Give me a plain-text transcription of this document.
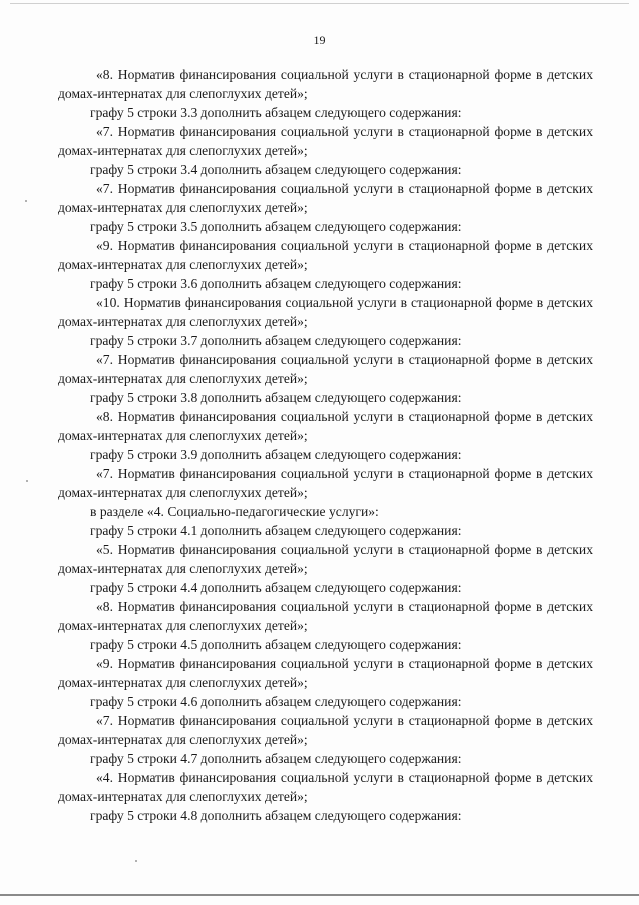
19

«8. Норматив финансирования социальной услуги в стационарной форме в детских домах-интернатах для слепоглухих детей»;

графу 5 строки 3.3 дополнить абзацем следующего содержания:

«7. Норматив финансирования социальной услуги в стационарной форме в детских домах-интернатах для слепоглухих детей»;

графу 5 строки 3.4 дополнить абзацем следующего содержания:

«7. Норматив финансирования социальной услуги в стационарной форме в детских домах-интернатах для слепоглухих детей»;

графу 5 строки 3.5 дополнить абзацем следующего содержания:

«9. Норматив финансирования социальной услуги в стационарной форме в детских домах-интернатах для слепоглухих детей»;

графу 5 строки 3.6 дополнить абзацем следующего содержания:

«10. Норматив финансирования социальной услуги в стационарной форме в детских домах-интернатах для слепоглухих детей»;

графу 5 строки 3.7 дополнить абзацем следующего содержания:

«7. Норматив финансирования социальной услуги в стационарной форме в детских домах-интернатах для слепоглухих детей»;

графу 5 строки 3.8 дополнить абзацем следующего содержания:

«8. Норматив финансирования социальной услуги в стационарной форме в детских домах-интернатах для слепоглухих детей»;

графу 5 строки 3.9 дополнить абзацем следующего содержания:

«7. Норматив финансирования социальной услуги в стационарной форме в детских домах-интернатах для слепоглухих детей»;

в разделе «4. Социально-педагогические услуги»:

графу 5 строки 4.1 дополнить абзацем следующего содержания:

«5. Норматив финансирования социальной услуги в стационарной форме в детских домах-интернатах для слепоглухих детей»;

графу 5 строки 4.4 дополнить абзацем следующего содержания:

«8. Норматив финансирования социальной услуги в стационарной форме в детских домах-интернатах для слепоглухих детей»;

графу 5 строки 4.5 дополнить абзацем следующего содержания:

«9. Норматив финансирования социальной услуги в стационарной форме в детских домах-интернатах для слепоглухих детей»;

графу 5 строки 4.6 дополнить абзацем следующего содержания:

«7. Норматив финансирования социальной услуги в стационарной форме в детских домах-интернатах для слепоглухих детей»;

графу 5 строки 4.7 дополнить абзацем следующего содержания:

«4. Норматив финансирования социальной услуги в стационарной форме в детских домах-интернатах для слепоглухих детей»;

графу 5 строки 4.8 дополнить абзацем следующего содержания:
